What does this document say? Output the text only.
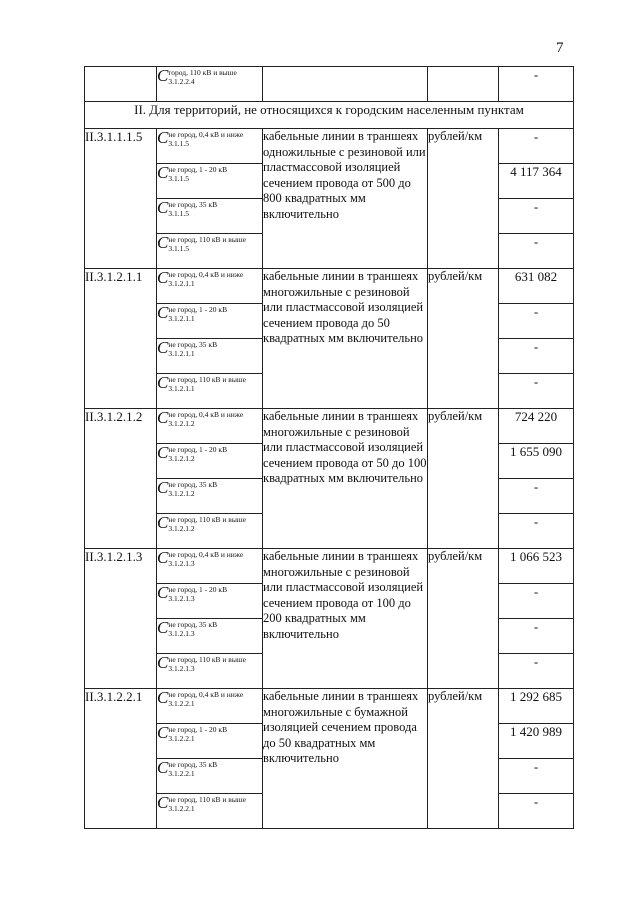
7
	C город, 110 кВ и выше
3.1.2.2.4			-
II. Для территорий, не относящихся к городским населенным пунктам				
II.3.1.1.1.5	C не город, 0,4 кВ и ниже
3.1.1.5	кабельные линии в траншеях одножильные с резиновой или пластмассовой изоляцией сечением провода от 500 до 800 квадратных мм включительно	рублей/км	-
	C не город, 1 - 20 кВ
3.1.1.5			4 117 364
	C не город, 35 кВ
3.1.1.5			-
	C не город, 110 кВ и выше
3.1.1.5			-
II.3.1.2.1.1	C не город, 0,4 кВ и ниже
3.1.2.1.1	кабельные линии в траншеях многожильные с резиновой или пластмассовой изоляцией сечением провода до 50 квадратных мм включительно	рублей/км	631 082
	C не город, 1 - 20 кВ
3.1.2.1.1			-
	C не город, 35 кВ
3.1.2.1.1			-
	C не город, 110 кВ и выше
3.1.2.1.1			-
II.3.1.2.1.2	C не город, 0,4 кВ и ниже
3.1.2.1.2	кабельные линии в траншеях многожильные с резиновой или пластмассовой изоляцией сечением провода от 50 до 100 квадратных мм включительно	рублей/км	724 220
	C не город, 1 - 20 кВ
3.1.2.1.2			1 655 090
	C не город, 35 кВ
3.1.2.1.2			-
	C не город, 110 кВ и выше
3.1.2.1.2			-
II.3.1.2.1.3	C не город, 0,4 кВ и ниже
3.1.2.1.3	кабельные линии в траншеях многожильные с резиновой или пластмассовой изоляцией сечением провода от 100 до 200 квадратных мм включительно	рублей/км	1 066 523
	C не город, 1 - 20 кВ
3.1.2.1.3			-
	C не город, 35 кВ
3.1.2.1.3			-
	C не город, 110 кВ и выше
3.1.2.1.3			-
II.3.1.2.2.1	C не город, 0,4 кВ и ниже
3.1.2.2.1	кабельные линии в траншеях многожильные с бумажной изоляцией сечением провода до 50 квадратных мм включительно	рублей/км	1 292 685
	C не город, 1 - 20 кВ
3.1.2.2.1			1 420 989
	C не город, 35 кВ
3.1.2.2.1			-
	C не город, 110 кВ и выше
3.1.2.2.1			-
